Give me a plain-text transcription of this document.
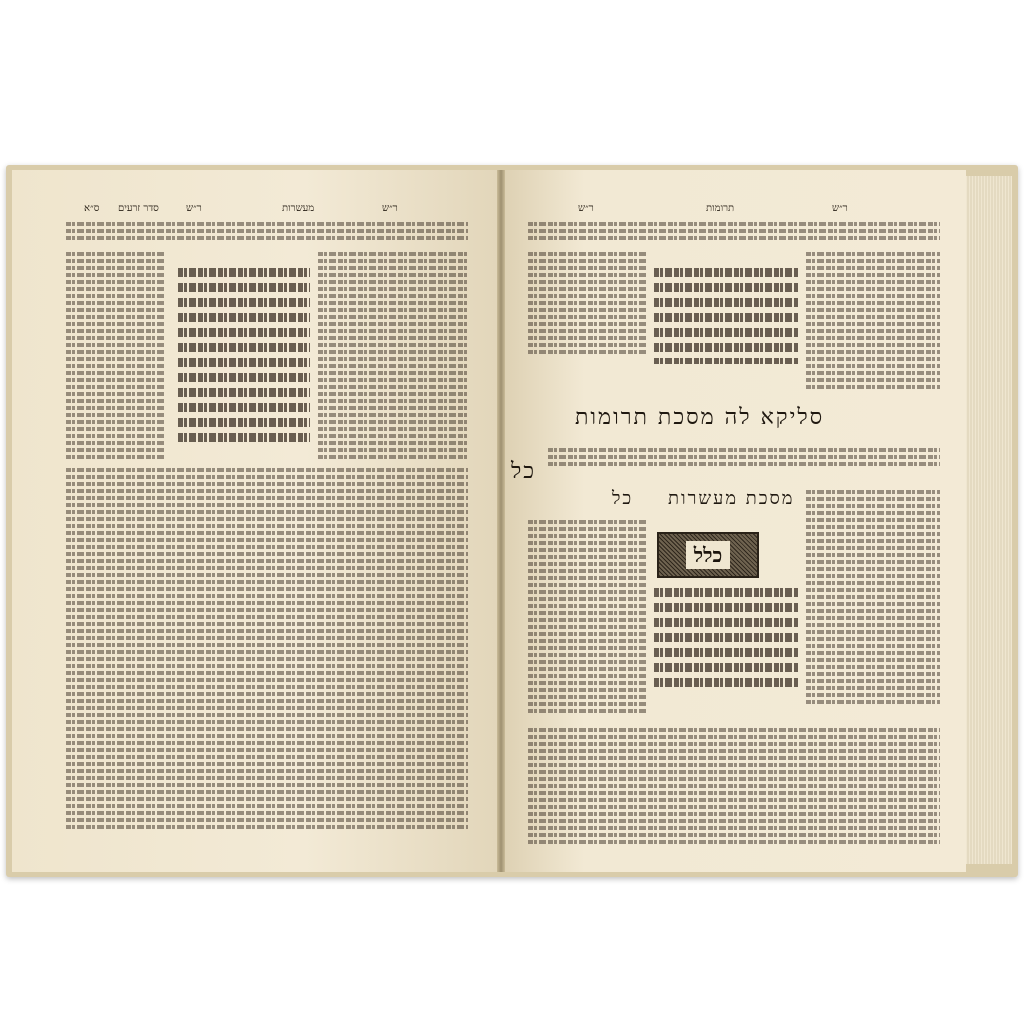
ס״א סדר זרעים	ר״ש	מעשרות	ר״ש	ר״ש	תרומות	ר״ש
סליקא לה מסכת תרומות
כל
מסכת מעשרות
כל
כלל
